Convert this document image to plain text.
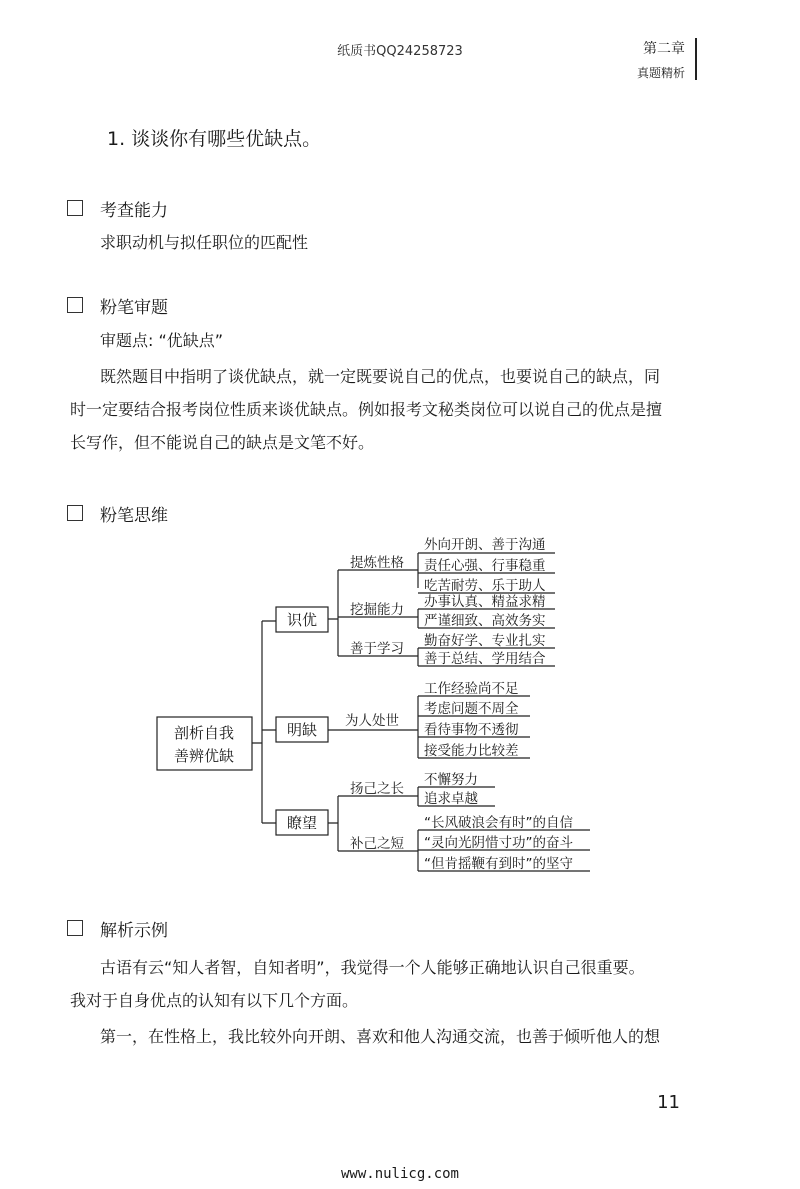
纸质书QQ24258723	第二章
真题精析
1. 谈谈你有哪些优缺点。
考查能力
求职动机与拟任职位的匹配性
粉笔审题
审题点: “优缺点”
既然题目中指明了谈优缺点，就一定既要说自己的优点，也要说自己的缺点，同
时一定要结合报考岗位性质来谈优缺点。例如报考文秘类岗位可以说自己的优点是擅
长写作，但不能说自己的缺点是文笔不好。
粉笔思维
剖析自我
善辨优缺
识优
明缺
瞭望
提炼性格
挖掘能力
善于学习
为人处世
扬己之长
补己之短
外向开朗、善于沟通
责任心强、行事稳重
吃苦耐劳、乐于助人
办事认真、精益求精
严谨细致、高效务实
勤奋好学、专业扎实
善于总结、学用结合
工作经验尚不足
考虑问题不周全
看待事物不透彻
接受能力比较差
不懈努力
追求卓越
“长风破浪会有时”的自信
“灵向光阴惜寸功”的奋斗
“但肯摇鞭有到时”的坚守
解析示例
古语有云“知人者智，自知者明”，我觉得一个人能够正确地认识自己很重要。
我对于自身优点的认知有以下几个方面。
第一，在性格上，我比较外向开朗、喜欢和他人沟通交流，也善于倾听他人的想
11
www.nulicg.com
